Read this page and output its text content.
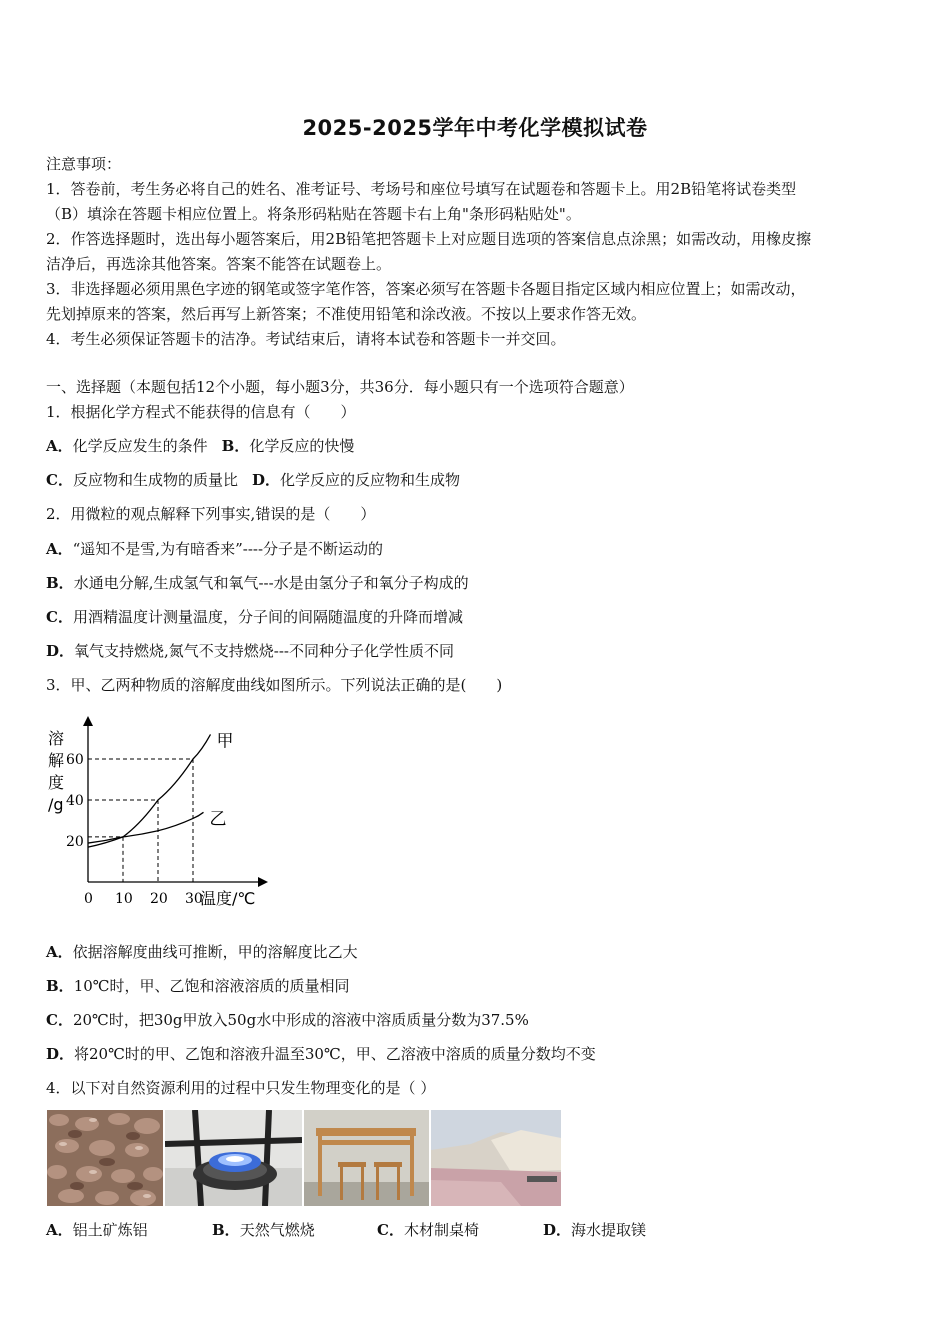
2025-2025学年中考化学模拟试卷
注意事项：
1．答卷前，考生务必将自己的姓名、准考证号、考场号和座位号填写在试题卷和答题卡上。用2B铅笔将试卷类型
（B）填涂在答题卡相应位置上。将条形码粘贴在答题卡右上角"条形码粘贴处"。
2．作答选择题时，选出每小题答案后，用2B铅笔把答题卡上对应题目选项的答案信息点涂黑；如需改动，用橡皮擦
洁净后，再选涂其他答案。答案不能答在试题卷上。
3．非选择题必须用黑色字迹的钢笔或签字笔作答，答案必须写在答题卡各题目指定区域内相应位置上；如需改动，
先划掉原来的答案，然后再写上新答案；不准使用铅笔和涂改液。不按以上要求作答无效。
4．考生必须保证答题卡的洁净。考试结束后，请将本试卷和答题卡一并交回。
一、选择题（本题包括12个小题，每小题3分，共36分．每小题只有一个选项符合题意）
1．根据化学方程式不能获得的信息有（　　）
A．化学反应发生的条件 B．化学反应的快慢
C．反应物和生成物的质量比 D．化学反应的反应物和生成物
2．用微粒的观点解释下列事实,错误的是（　　）
A．“遥知不是雪,为有暗香来”----分子是不断运动的
B．水通电分解,生成氢气和氧气---水是由氢分子和氧分子构成的
C．用酒精温度计测量温度，分子间的间隔随温度的升降而增减
D．氧气支持燃烧,氮气不支持燃烧---不同种分子化学性质不同
3．甲、乙两种物质的溶解度曲线如图所示。下列说法正确的是(　　)
甲
乙
0 10 20 30
20
40
60
溶
解
度
/g
温度/℃
A．依据溶解度曲线可推断，甲的溶解度比乙大
B．10℃时，甲、乙饱和溶液溶质的质量相同
C．20℃时，把30g甲放入50g水中形成的溶液中溶质质量分数为37.5%
D．将20℃时的甲、乙饱和溶液升温至30℃，甲、乙溶液中溶质的质量分数均不变
4．以下对自然资源利用的过程中只发生物理变化的是（ ）
A．铝土矿炼铝	B．天然气燃烧	C．木材制桌椅	D．海水提取镁
